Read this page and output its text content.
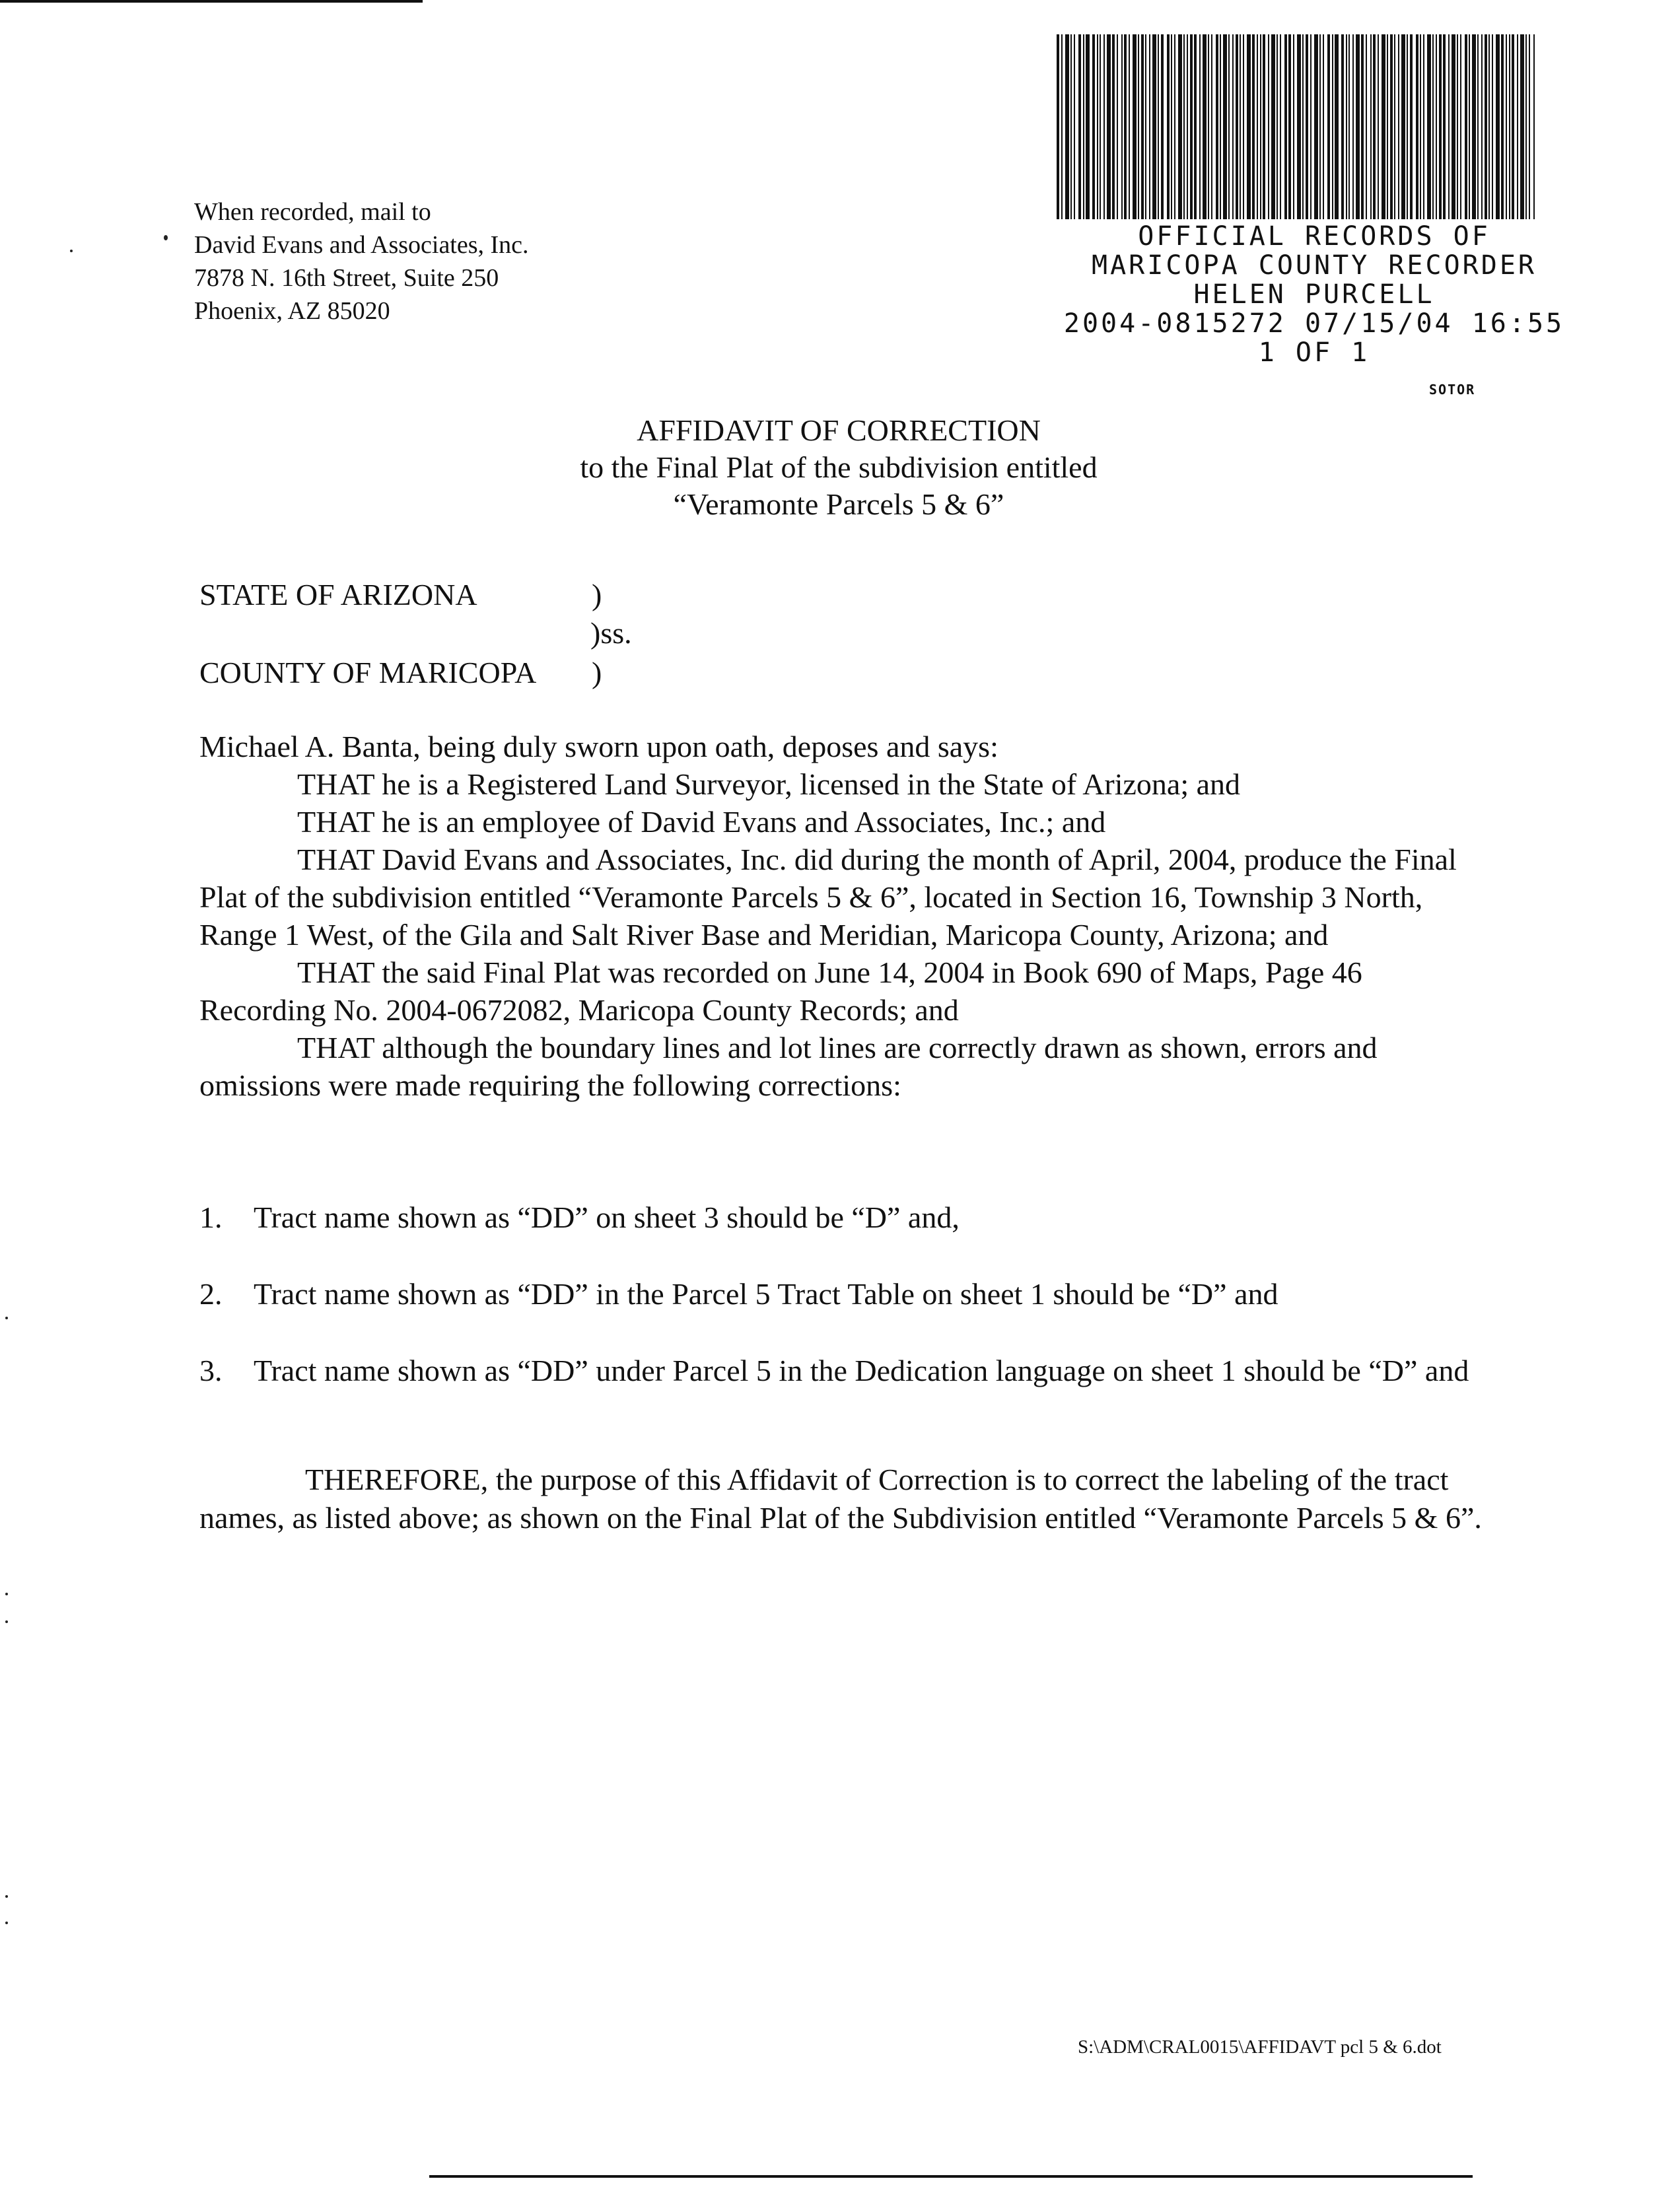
When recorded, mail to
David Evans and Associates, Inc.
7878 N. 16th Street, Suite 250
Phoenix, AZ 85020
OFFICIAL RECORDS OF
MARICOPA COUNTY RECORDER
HELEN PURCELL
2004-0815272 07/15/04 16:55
1 OF 1
SOTOR
AFFIDAVIT OF CORRECTION
to the Final Plat of the subdivision entitled
“Veramonte Parcels 5 & 6”
STATE OF ARIZONA	)
)ss.
COUNTY OF MARICOPA )

Michael A. Banta, being duly sworn upon oath, deposes and says:

THAT he is a Registered Land Surveyor, licensed in the State of Arizona; and

THAT he is an employee of David Evans and Associates, Inc.; and

THAT David Evans and Associates, Inc. did during the month of April, 2004, produce the Final Plat of the subdivision entitled “Veramonte Parcels 5 & 6”, located in Section 16, Township 3 North, Range 1 West, of the Gila and Salt River Base and Meridian, Maricopa County, Arizona; and

THAT the said Final Plat was recorded on June 14, 2004 in Book 690 of Maps, Page 46 Recording No. 2004-0672082, Maricopa County Records; and

THAT although the boundary lines and lot lines are correctly drawn as shown, errors and omissions were made requiring the following corrections:

1.	Tract name shown as “DD” on sheet 3 should be “D” and,
2.	Tract name shown as “DD” in the Parcel 5 Tract Table on sheet 1 should be “D” and
3.	Tract name shown as “DD” under Parcel 5 in the Dedication language on sheet 1 should be “D” and

THEREFORE, the purpose of this Affidavit of Correction is to correct the labeling of the tract names, as listed above; as shown on the Final Plat of the Subdivision entitled “Veramonte Parcels 5 & 6”.

S:\ADM\CRAL0015\AFFIDAVT pcl 5 & 6.dot
